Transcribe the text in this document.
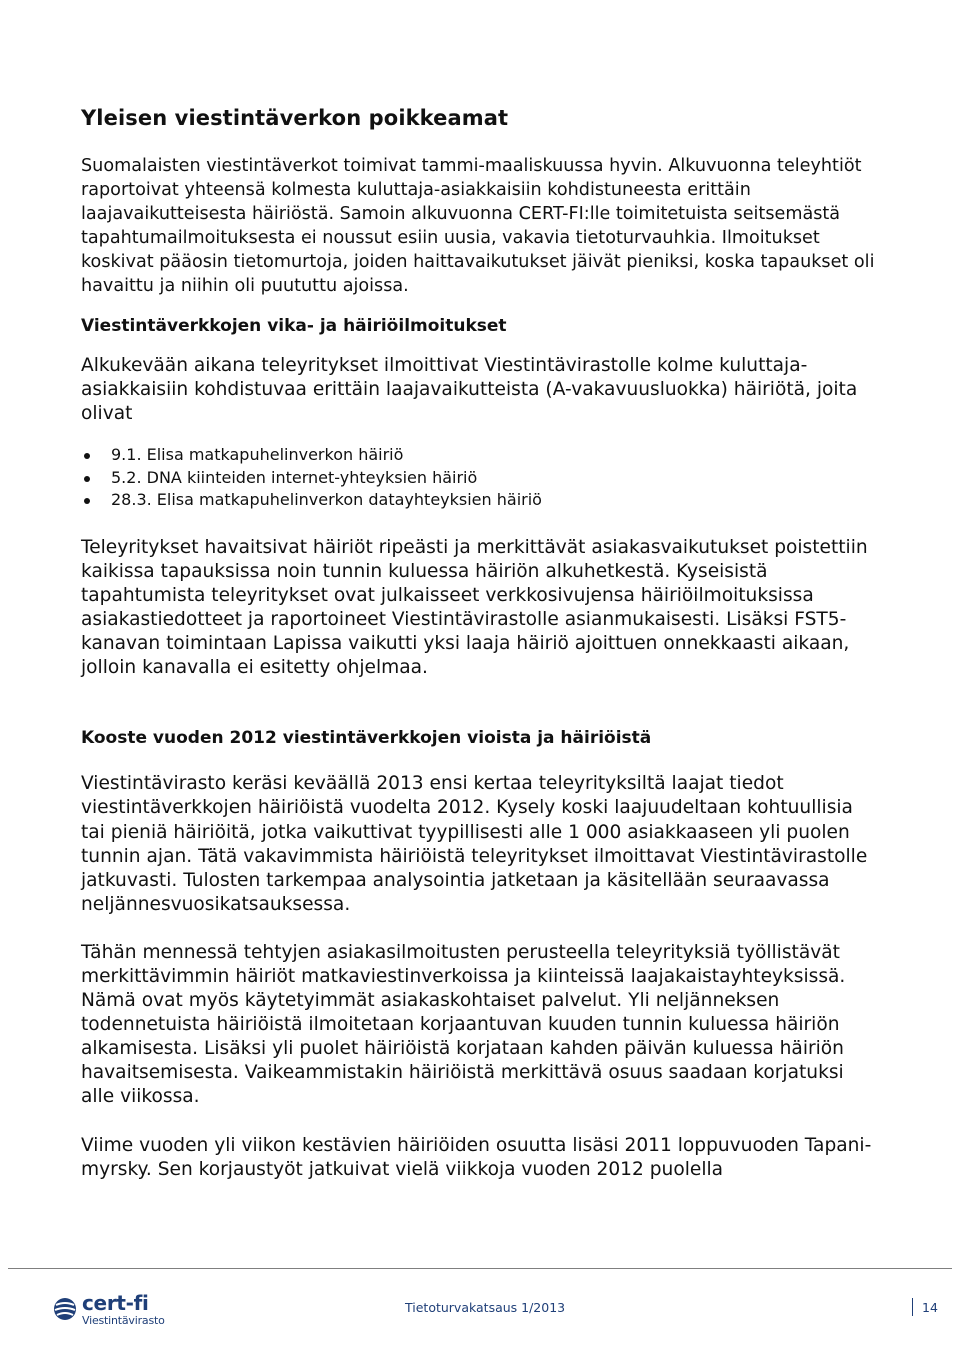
Yleisen viestintäverkon poikkeamat

Suomalaisten viestintäverkot toimivat tammi-maaliskuussa hyvin. Alkuvuonna teleyhtiöt raportoivat yhteensä kolmesta kuluttaja-asiakkaisiin kohdistuneesta erittäin laajavaikutteisesta häiriöstä. Samoin alkuvuonna CERT-FI:lle toimitetuista seitsemästä tapahtumailmoituksesta ei noussut esiin uusia, vakavia tietoturvauhkia. Ilmoitukset koskivat pääosin tietomurtoja, joiden haittavaikutukset jäivät pieniksi, koska tapaukset oli havaittu ja niihin oli puututtu ajoissa.

Viestintäverkkojen vika- ja häiriöilmoitukset

Alkukevään aikana teleyritykset ilmoittivat Viestintävirastolle kolme kuluttaja-asiakkaisiin kohdistuvaa erittäin laajavaikutteista (A-vakavuusluokka) häiriötä, joita olivat

9.1. Elisa matkapuhelinverkon häiriö
5.2. DNA kiinteiden internet-yhteyksien häiriö
28.3. Elisa matkapuhelinverkon datayhteyksien häiriö

Teleyritykset havaitsivat häiriöt ripeästi ja merkittävät asiakasvaikutukset poistettiin kaikissa tapauksissa noin tunnin kuluessa häiriön alkuhetkestä. Kyseisistä tapahtumista teleyritykset ovat julkaisseet verkkosivujensa häiriöilmoituksissa asiakastiedotteet ja raportoineet Viestintävirastolle asianmukaisesti. Lisäksi FST5-kanavan toimintaan Lapissa vaikutti yksi laaja häiriö ajoittuen onnekkaasti aikaan, jolloin kanavalla ei esitetty ohjelmaa.

Kooste vuoden 2012 viestintäverkkojen vioista ja häiriöistä

Viestintävirasto keräsi keväällä 2013 ensi kertaa teleyrityksiltä laajat tiedot viestintäverkkojen häiriöistä vuodelta 2012. Kysely koski laajuudeltaan kohtuullisia tai pieniä häiriöitä, jotka vaikuttivat tyypillisesti alle 1 000 asiakkaaseen yli puolen tunnin ajan. Tätä vakavimmista häiriöistä teleyritykset ilmoittavat Viestintävirastolle jatkuvasti. Tulosten tarkempaa analysointia jatketaan ja käsitellään seuraavassa neljännesvuosikatsauksessa.

Tähän mennessä tehtyjen asiakasilmoitusten perusteella teleyrityksiä työllistävät merkittävimmin häiriöt matkaviestinverkoissa ja kiinteissä laajakaistayhteyksissä. Nämä ovat myös käytetyimmät asiakaskohtaiset palvelut. Yli neljänneksen todennetuista häiriöistä ilmoitetaan korjaantuvan kuuden tunnin kuluessa häiriön alkamisesta. Lisäksi yli puolet häiriöistä korjataan kahden päivän kuluessa häiriön havaitsemisesta. Vaikeammistakin häiriöistä merkittävä osuus saadaan korjatuksi alle viikossa.

Viime vuoden yli viikon kestävien häiriöiden osuutta lisäsi 2011 loppuvuoden Tapani-myrsky. Sen korjaustyöt jatkuivat vielä viikkoja vuoden 2012 puolella

cert-fi
Viestintävirasto
Tietoturvakatsaus 1/2013	14
